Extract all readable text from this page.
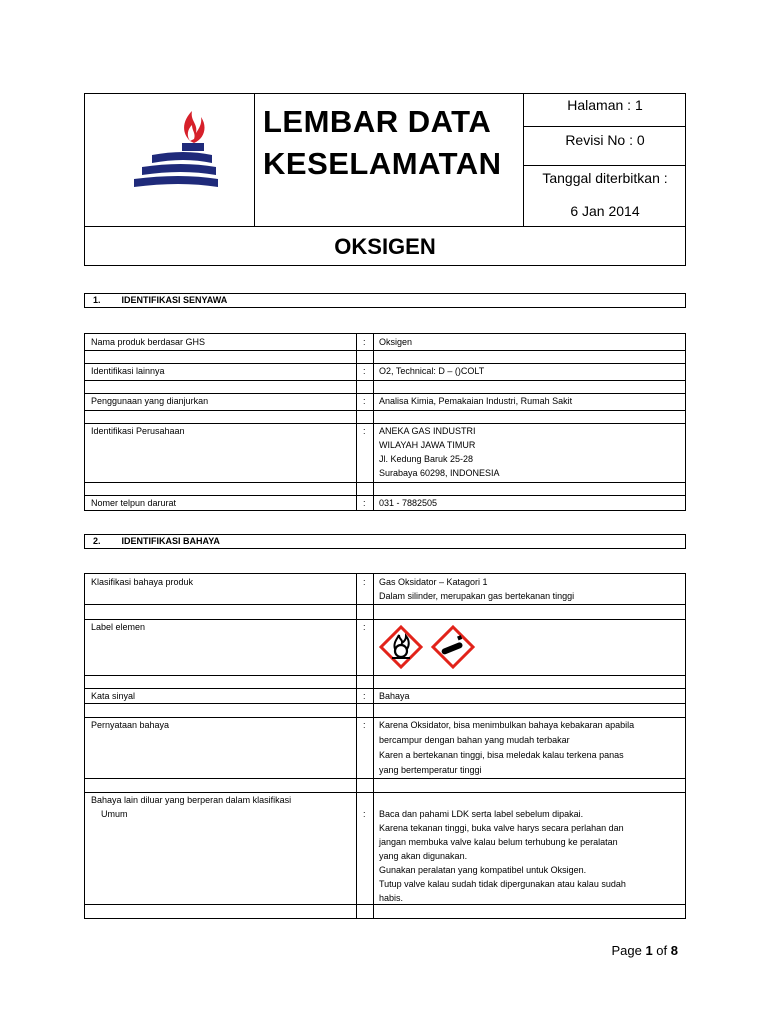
LEMBAR DATA
KESELAMATAN
Halaman : 1
Revisi No : 0
Tanggal diterbitkan :
6 Jan 2014
OKSIGEN
1. IDENTIFIKASI SENYAWA
Nama produk berdasar GHS	: Oksigen
Identifikasi lainnya	: O2, Technical: D – ()COLT
Penggunaan yang dianjurkan	: Analisa Kimia, Pemakaian Industri, Rumah Sakit
Identifikasi Perusahaan	: ANEKA GAS INDUSTRI
WILAYAH JAWA TIMUR
Jl. Kedung Baruk 25-28
Surabaya 60298, INDONESIA
Nomer telpun darurat	: 031 - 7882505
2. IDENTIFIKASI BAHAYA
Klasifikasi bahaya produk	: Gas Oksidator – Katagori 1
Dalam silinder, merupakan gas bertekanan tinggi
Label elemen	:
Kata sinyal	: Bahaya
Pernyataan bahaya	: Karena Oksidator, bisa menimbulkan bahaya kebakaran apabila
bercampur dengan bahan yang mudah terbakar
Karen a bertekanan tinggi, bisa meledak kalau terkena panas
yang bertemperatur tinggi
Bahaya lain diluar yang berperan dalam klasifikasi
Umum	: Baca dan pahami LDK serta label sebelum dipakai.
Karena tekanan tinggi, buka valve harys secara perlahan dan
jangan membuka valve kalau belum terhubung ke peralatan
yang akan digunakan.
Gunakan peralatan yang kompatibel untuk Oksigen.
Tutup valve kalau sudah tidak dipergunakan atau kalau sudah
habis.
Page 1 of 8
